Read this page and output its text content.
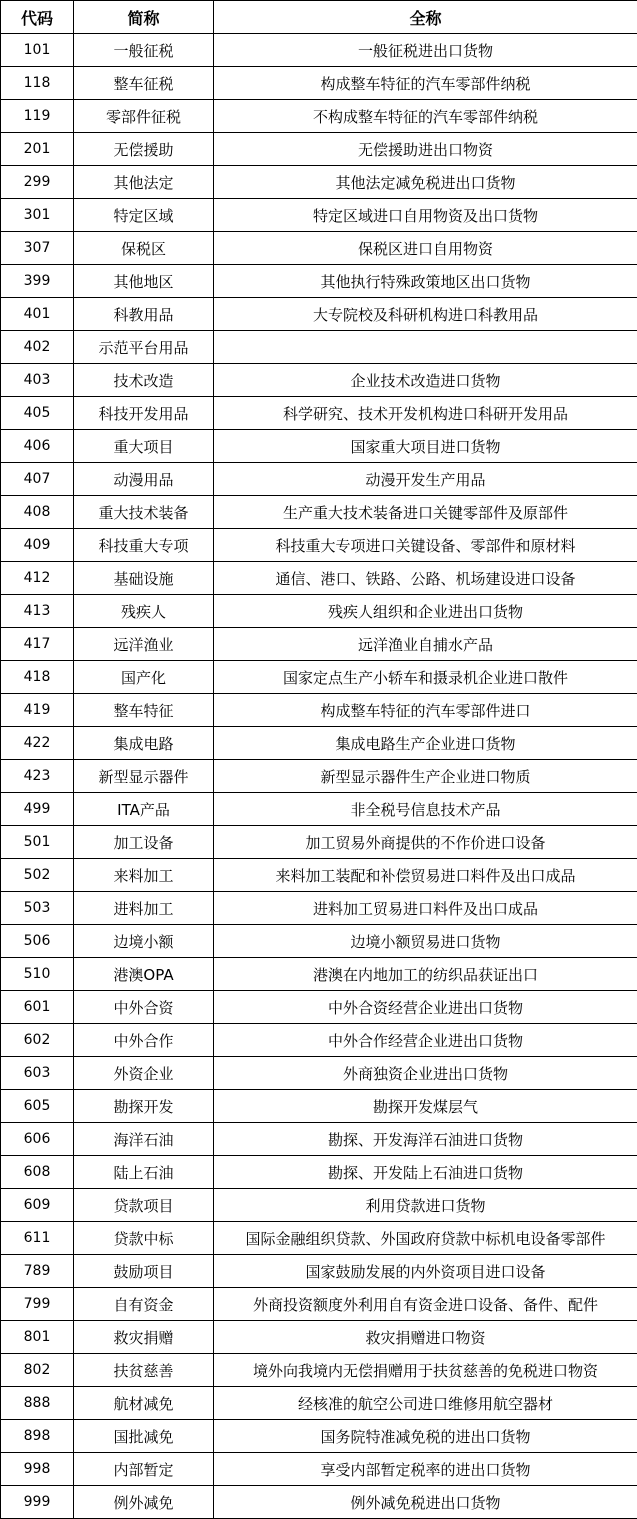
代码	简称	全称
101	一般征税	一般征税进出口货物
118	整车征税	构成整车特征的汽车零部件纳税
119	零部件征税	不构成整车特征的汽车零部件纳税
201	无偿援助	无偿援助进出口物资
299	其他法定	其他法定减免税进出口货物
301	特定区域	特定区域进口自用物资及出口货物
307	保税区	保税区进口自用物资
399	其他地区	其他执行特殊政策地区出口货物
401	科教用品	大专院校及科研机构进口科教用品
402	示范平台用品	
403	技术改造	企业技术改造进口货物
405	科技开发用品	科学研究、技术开发机构进口科研开发用品
406	重大项目	国家重大项目进口货物
407	动漫用品	动漫开发生产用品
408	重大技术装备	生产重大技术装备进口关键零部件及原部件
409	科技重大专项	科技重大专项进口关键设备、零部件和原材料
412	基础设施	通信、港口、铁路、公路、机场建设进口设备
413	残疾人	残疾人组织和企业进出口货物
417	远洋渔业	远洋渔业自捕水产品
418	国产化	国家定点生产小轿车和摄录机企业进口散件
419	整车特征	构成整车特征的汽车零部件进口
422	集成电路	集成电路生产企业进口货物
423	新型显示器件	新型显示器件生产企业进口物质
499	ITA产品	非全税号信息技术产品
501	加工设备	加工贸易外商提供的不作价进口设备
502	来料加工	来料加工装配和补偿贸易进口料件及出口成品
503	进料加工	进料加工贸易进口料件及出口成品
506	边境小额	边境小额贸易进口货物
510	港澳OPA	港澳在内地加工的纺织品获证出口
601	中外合资	中外合资经营企业进出口货物
602	中外合作	中外合作经营企业进出口货物
603	外资企业	外商独资企业进出口货物
605	勘探开发	勘探开发煤层气
606	海洋石油	勘探、开发海洋石油进口货物
608	陆上石油	勘探、开发陆上石油进口货物
609	贷款项目	利用贷款进口货物
611	贷款中标	国际金融组织贷款、外国政府贷款中标机电设备零部件
789	鼓励项目	国家鼓励发展的内外资项目进口设备
799	自有资金	外商投资额度外利用自有资金进口设备、备件、配件
801	救灾捐赠	救灾捐赠进口物资
802	扶贫慈善	境外向我境内无偿捐赠用于扶贫慈善的免税进口物资
888	航材减免	经核准的航空公司进口维修用航空器材
898	国批减免	国务院特准减免税的进出口货物
998	内部暂定	享受内部暂定税率的进出口货物
999	例外减免	例外减免税进出口货物
